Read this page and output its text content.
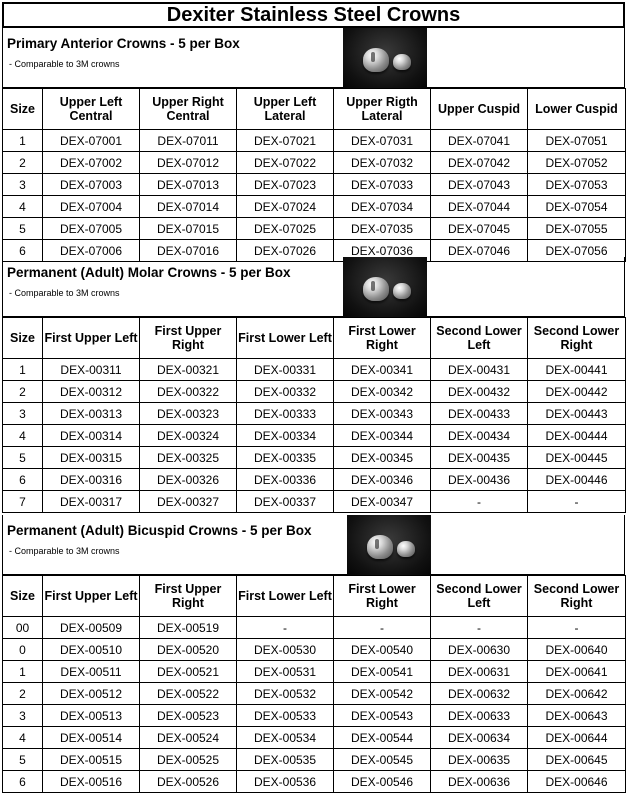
Dexiter Stainless Steel Crowns
Primary Anterior Crowns - 5 per Box
- Comparable to 3M crowns
Size	Upper Left Central	Upper Right Central	Upper Left Lateral	Upper Rigth Lateral	Upper Cuspid	Lower Cuspid
1	DEX-07001	DEX-07011	DEX-07021	DEX-07031	DEX-07041	DEX-07051
2	DEX-07002	DEX-07012	DEX-07022	DEX-07032	DEX-07042	DEX-07052
3	DEX-07003	DEX-07013	DEX-07023	DEX-07033	DEX-07043	DEX-07053
4	DEX-07004	DEX-07014	DEX-07024	DEX-07034	DEX-07044	DEX-07054
5	DEX-07005	DEX-07015	DEX-07025	DEX-07035	DEX-07045	DEX-07055
6	DEX-07006	DEX-07016	DEX-07026	DEX-07036	DEX-07046	DEX-07056
Permanent (Adult) Molar Crowns - 5 per Box
- Comparable to 3M crowns
Size	First Upper Left	First Upper Right	First Lower Left	First Lower Right	Second Lower Left	Second Lower Right
1	DEX-00311	DEX-00321	DEX-00331	DEX-00341	DEX-00431	DEX-00441
2	DEX-00312	DEX-00322	DEX-00332	DEX-00342	DEX-00432	DEX-00442
3	DEX-00313	DEX-00323	DEX-00333	DEX-00343	DEX-00433	DEX-00443
4	DEX-00314	DEX-00324	DEX-00334	DEX-00344	DEX-00434	DEX-00444
5	DEX-00315	DEX-00325	DEX-00335	DEX-00345	DEX-00435	DEX-00445
6	DEX-00316	DEX-00326	DEX-00336	DEX-00346	DEX-00436	DEX-00446
7	DEX-00317	DEX-00327	DEX-00337	DEX-00347	-	-
Permanent (Adult) Bicuspid Crowns - 5 per Box
- Comparable to 3M crowns
Size	First Upper Left	First Upper Right	First Lower Left	First Lower Right	Second Lower Left	Second Lower Right
00	DEX-00509	DEX-00519	-	-	-	-
0	DEX-00510	DEX-00520	DEX-00530	DEX-00540	DEX-00630	DEX-00640
1	DEX-00511	DEX-00521	DEX-00531	DEX-00541	DEX-00631	DEX-00641
2	DEX-00512	DEX-00522	DEX-00532	DEX-00542	DEX-00632	DEX-00642
3	DEX-00513	DEX-00523	DEX-00533	DEX-00543	DEX-00633	DEX-00643
4	DEX-00514	DEX-00524	DEX-00534	DEX-00544	DEX-00634	DEX-00644
5	DEX-00515	DEX-00525	DEX-00535	DEX-00545	DEX-00635	DEX-00645
6	DEX-00516	DEX-00526	DEX-00536	DEX-00546	DEX-00636	DEX-00646
